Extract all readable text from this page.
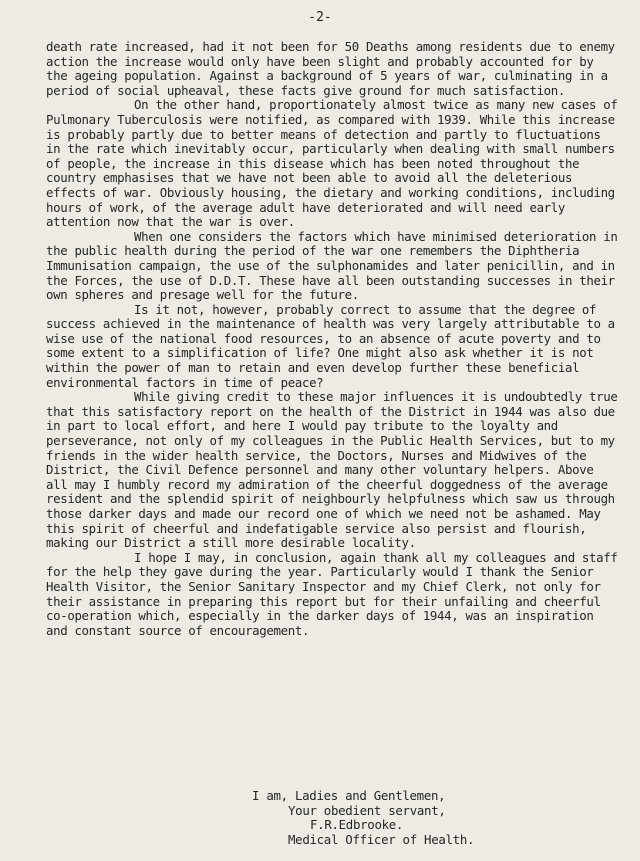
-2-

death rate increased, had it not been for 50 Deaths among residents due to enemy action the increase would only have been slight and probably accounted for by the ageing population. Against a background of 5 years of war, culminating in a period of social upheaval, these facts give ground for much satisfaction.

On the other hand, proportionately almost twice as many new cases of Pulmonary Tuberculosis were notified, as compared with 1939. While this increase is probably partly due to better means of detection and partly to fluctuations in the rate which inevitably occur, particularly when dealing with small numbers of people, the increase in this disease which has been noted throughout the country emphasises that we have not been able to avoid all the deleterious effects of war. Obviously housing, the dietary and working conditions, including hours of work, of the average adult have deteriorated and will need early attention now that the war is over.

When one considers the factors which have minimised deterioration in the public health during the period of the war one remembers the Diphtheria Immunisation campaign, the use of the sulphonamides and later penicillin, and in the Forces, the use of D.D.T. These have all been outstanding successes in their own spheres and presage well for the future.

Is it not, however, probably correct to assume that the degree of success achieved in the maintenance of health was very largely attributable to a wise use of the national food resources, to an absence of acute poverty and to some extent to a simplification of life? One might also ask whether it is not within the power of man to retain and even develop further these beneficial environmental factors in time of peace?

While giving credit to these major influences it is undoubtedly true that this satisfactory report on the health of the District in 1944 was also due in part to local effort, and here I would pay tribute to the loyalty and perseverance, not only of my colleagues in the Public Health Services, but to my friends in the wider health service, the Doctors, Nurses and Midwives of the District, the Civil Defence personnel and many other voluntary helpers. Above all may I humbly record my admiration of the cheerful doggedness of the average resident and the splendid spirit of neighbourly helpfulness which saw us through those darker days and made our record one of which we need not be ashamed. May this spirit of cheerful and indefatigable service also persist and flourish, making our District a still more desirable locality.

I hope I may, in conclusion, again thank all my colleagues and staff for the help they gave during the year. Particularly would I thank the Senior Health Visitor, the Senior Sanitary Inspector and my Chief Clerk, not only for their assistance in preparing this report but for their unfailing and cheerful co-operation which, especially in the darker days of 1944, was an inspiration and constant source of encouragement.

I am, Ladies and Gentlemen,
Your obedient servant,
F.R.Edbrooke.
Medical Officer of Health.
